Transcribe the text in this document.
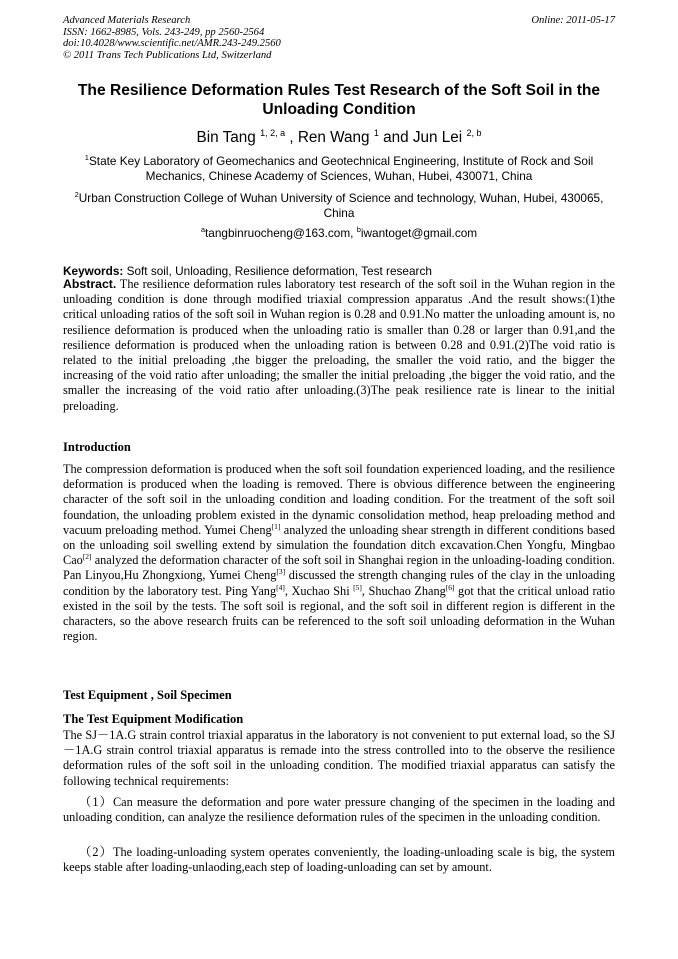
Advanced Materials Research
ISSN: 1662-8985, Vols. 243-249, pp 2560-2564
doi:10.4028/www.scientific.net/AMR.243-249.2560
© 2011 Trans Tech Publications Ltd, Switzerland
Online: 2011-05-17
The Resilience Deformation Rules Test Research of the Soft Soil in the Unloading Condition
Bin Tang $^{1, 2, a}$ , Ren Wang $^1$ and Jun Lei $^{2, b}$
$^1$State Key Laboratory of Geomechanics and Geotechnical Engineering, Institute of Rock and Soil Mechanics, Chinese Academy of Sciences, Wuhan, Hubei, 430071, China
$^2$Urban Construction College of Wuhan University of Science and technology, Wuhan, Hubei, 430065, China
$^a$tangbinruocheng@163.com, $^b$iwantoget@gmail.com
Keywords: Soft soil, Unloading, Resilience deformation, Test research
Abstract. The resilience deformation rules laboratory test research of the soft soil in the Wuhan region in the unloading condition is done through modified triaxial compression apparatus .And the result shows:(1)the critical unloading ratios of the soft soil in Wuhan region is 0.28 and 0.91.No matter the unloading amount is, no resilience deformation is produced when the unloading ratio is smaller than 0.28 or larger than 0.91,and the resilience deformation is produced when the unloading ration is between 0.28 and 0.91.(2)The void ratio is related to the initial preloading ,the bigger the preloading, the smaller the void ratio, and the bigger the increasing of the void ratio after unloading; the smaller the initial preloading ,the bigger the void ratio, and the smaller the increasing of the void ratio after unloading.(3)The peak resilience rate is linear to the initial preloading.
Introduction
The compression deformation is produced when the soft soil foundation experienced loading, and the resilience deformation is produced when the loading is removed. There is obvious difference between the engineering character of the soft soil in the unloading condition and loading condition. For the treatment of the soft soil foundation, the unloading problem existed in the dynamic consolidation method, heap preloading method and vacuum preloading method. Yumei Cheng[1] analyzed the unloading shear strength in different conditions based on the unloading soil swelling extend by simulation the foundation ditch excavation.Chen Yongfu, Mingbao Cao[2] analyzed the deformation character of the soft soil in Shanghai region in the unloading-loading condition. Pan Linyou,Hu Zhongxiong, Yumei Cheng[3] discussed the strength changing rules of the clay in the unloading condition by the laboratory test. Ping Yang[4], Xuchao Shi [5], Shuchao Zhang[6] got that the critical unload ratio existed in the soil by the tests. The soft soil is regional, and the soft soil in different region is different in the characters, so the above research fruits can be referenced to the soft soil unloading deformation in the Wuhan region.
Test Equipment , Soil Specimen
The Test Equipment Modification
The SJ－1A.G strain control triaxial apparatus in the laboratory is not convenient to put external load, so the SJ－1A.G strain control triaxial apparatus is remade into the stress controlled into to the observe the resilience deformation rules of the soft soil in the unloading condition. The modified triaxial apparatus can satisfy the following technical requirements:
（1）Can measure the deformation and pore water pressure changing of the specimen in the loading and unloading condition, can analyze the resilience deformation rules of the specimen in the unloading condition.
（2）The loading-unloading system operates conveniently, the loading-unloading scale is big, the system keeps stable after loading-unlaoding,each step of loading-unloading can set by amount.
